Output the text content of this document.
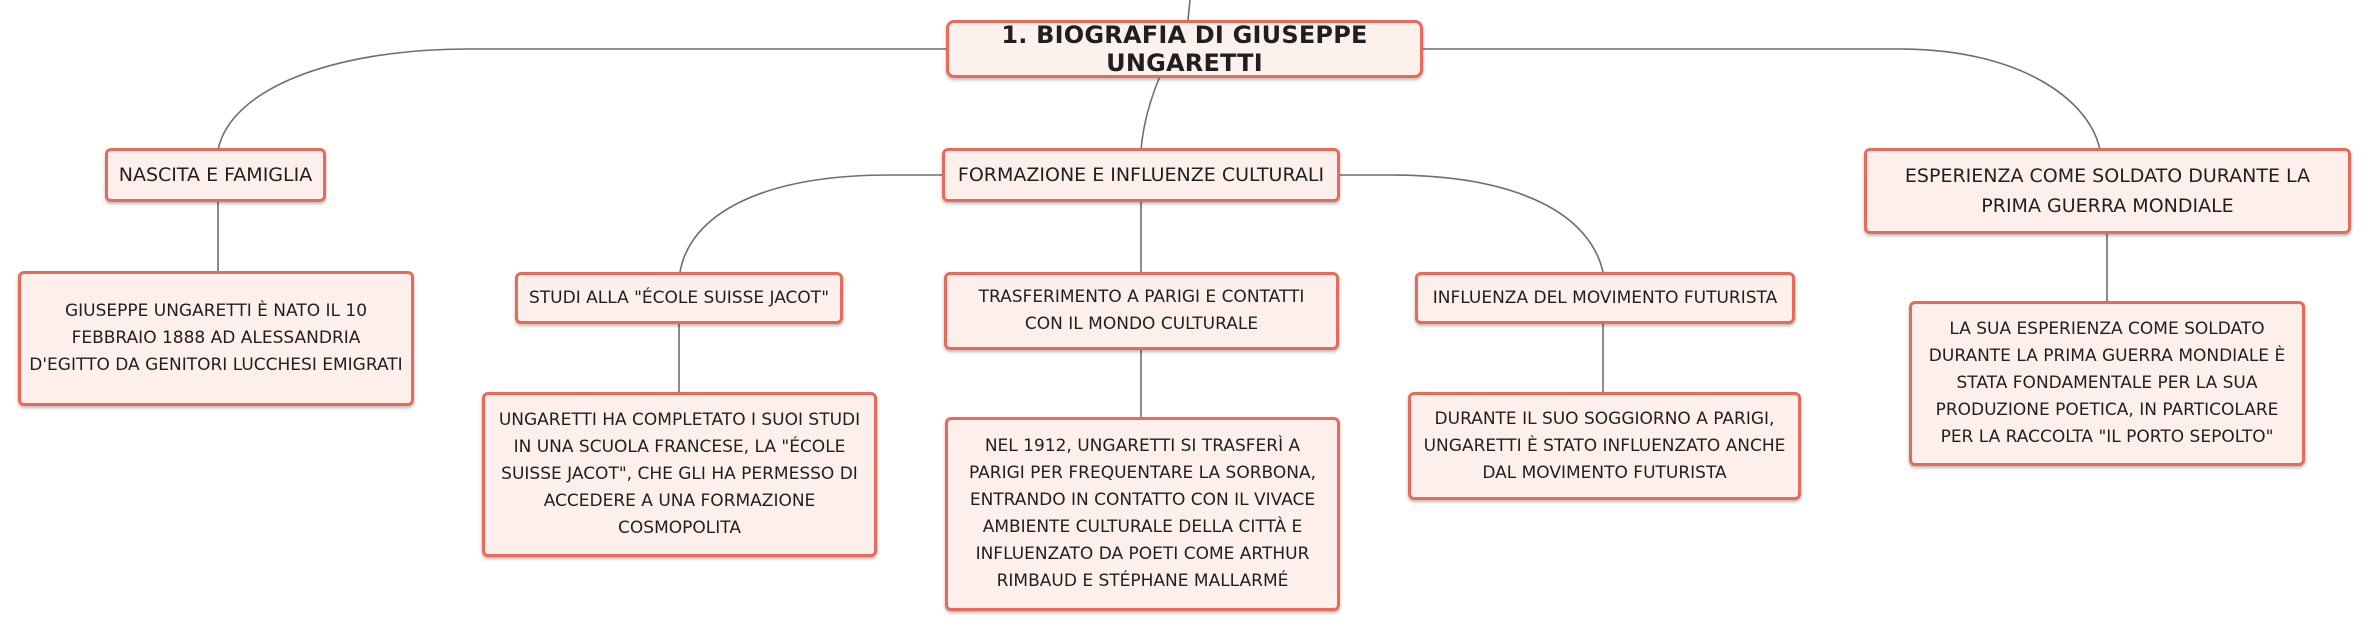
1. BIOGRAFIA DI GIUSEPPE UNGARETTI
NASCITA E FAMIGLIA	FORMAZIONE E INFLUENZE CULTURALI	ESPERIENZA COME SOLDATO DURANTE LA PRIMA GUERRA MONDIALE
GIUSEPPE UNGARETTI È NATO IL 10 FEBBRAIO 1888 AD ALESSANDRIA D'EGITTO DA GENITORI LUCCHESI EMIGRATI
STUDI ALLA "ÉCOLE SUISSE JACOT"	TRASFERIMENTO A PARIGI E CONTATTI CON IL MONDO CULTURALE
INFLUENZA DEL MOVIMENTO FUTURISTA
UNGARETTI HA COMPLETATO I SUOI STUDI IN UNA SCUOLA FRANCESE, LA "ÉCOLE SUISSE JACOT", CHE GLI HA PERMESSO DI ACCEDERE A UNA FORMAZIONE COSMOPOLITA
NEL 1912, UNGARETTI SI TRASFERÌ A PARIGI PER FREQUENTARE LA SORBONA, ENTRANDO IN CONTATTO CON IL VIVACE AMBIENTE CULTURALE DELLA CITTÀ E INFLUENZATO DA POETI COME ARTHUR RIMBAUD E STÉPHANE MALLARMÉ
DURANTE IL SUO SOGGIORNO A PARIGI, UNGARETTI È STATO INFLUENZATO ANCHE DAL MOVIMENTO FUTURISTA
LA SUA ESPERIENZA COME SOLDATO DURANTE LA PRIMA GUERRA MONDIALE È STATA FONDAMENTALE PER LA SUA PRODUZIONE POETICA, IN PARTICOLARE PER LA RACCOLTA "IL PORTO SEPOLTO"
